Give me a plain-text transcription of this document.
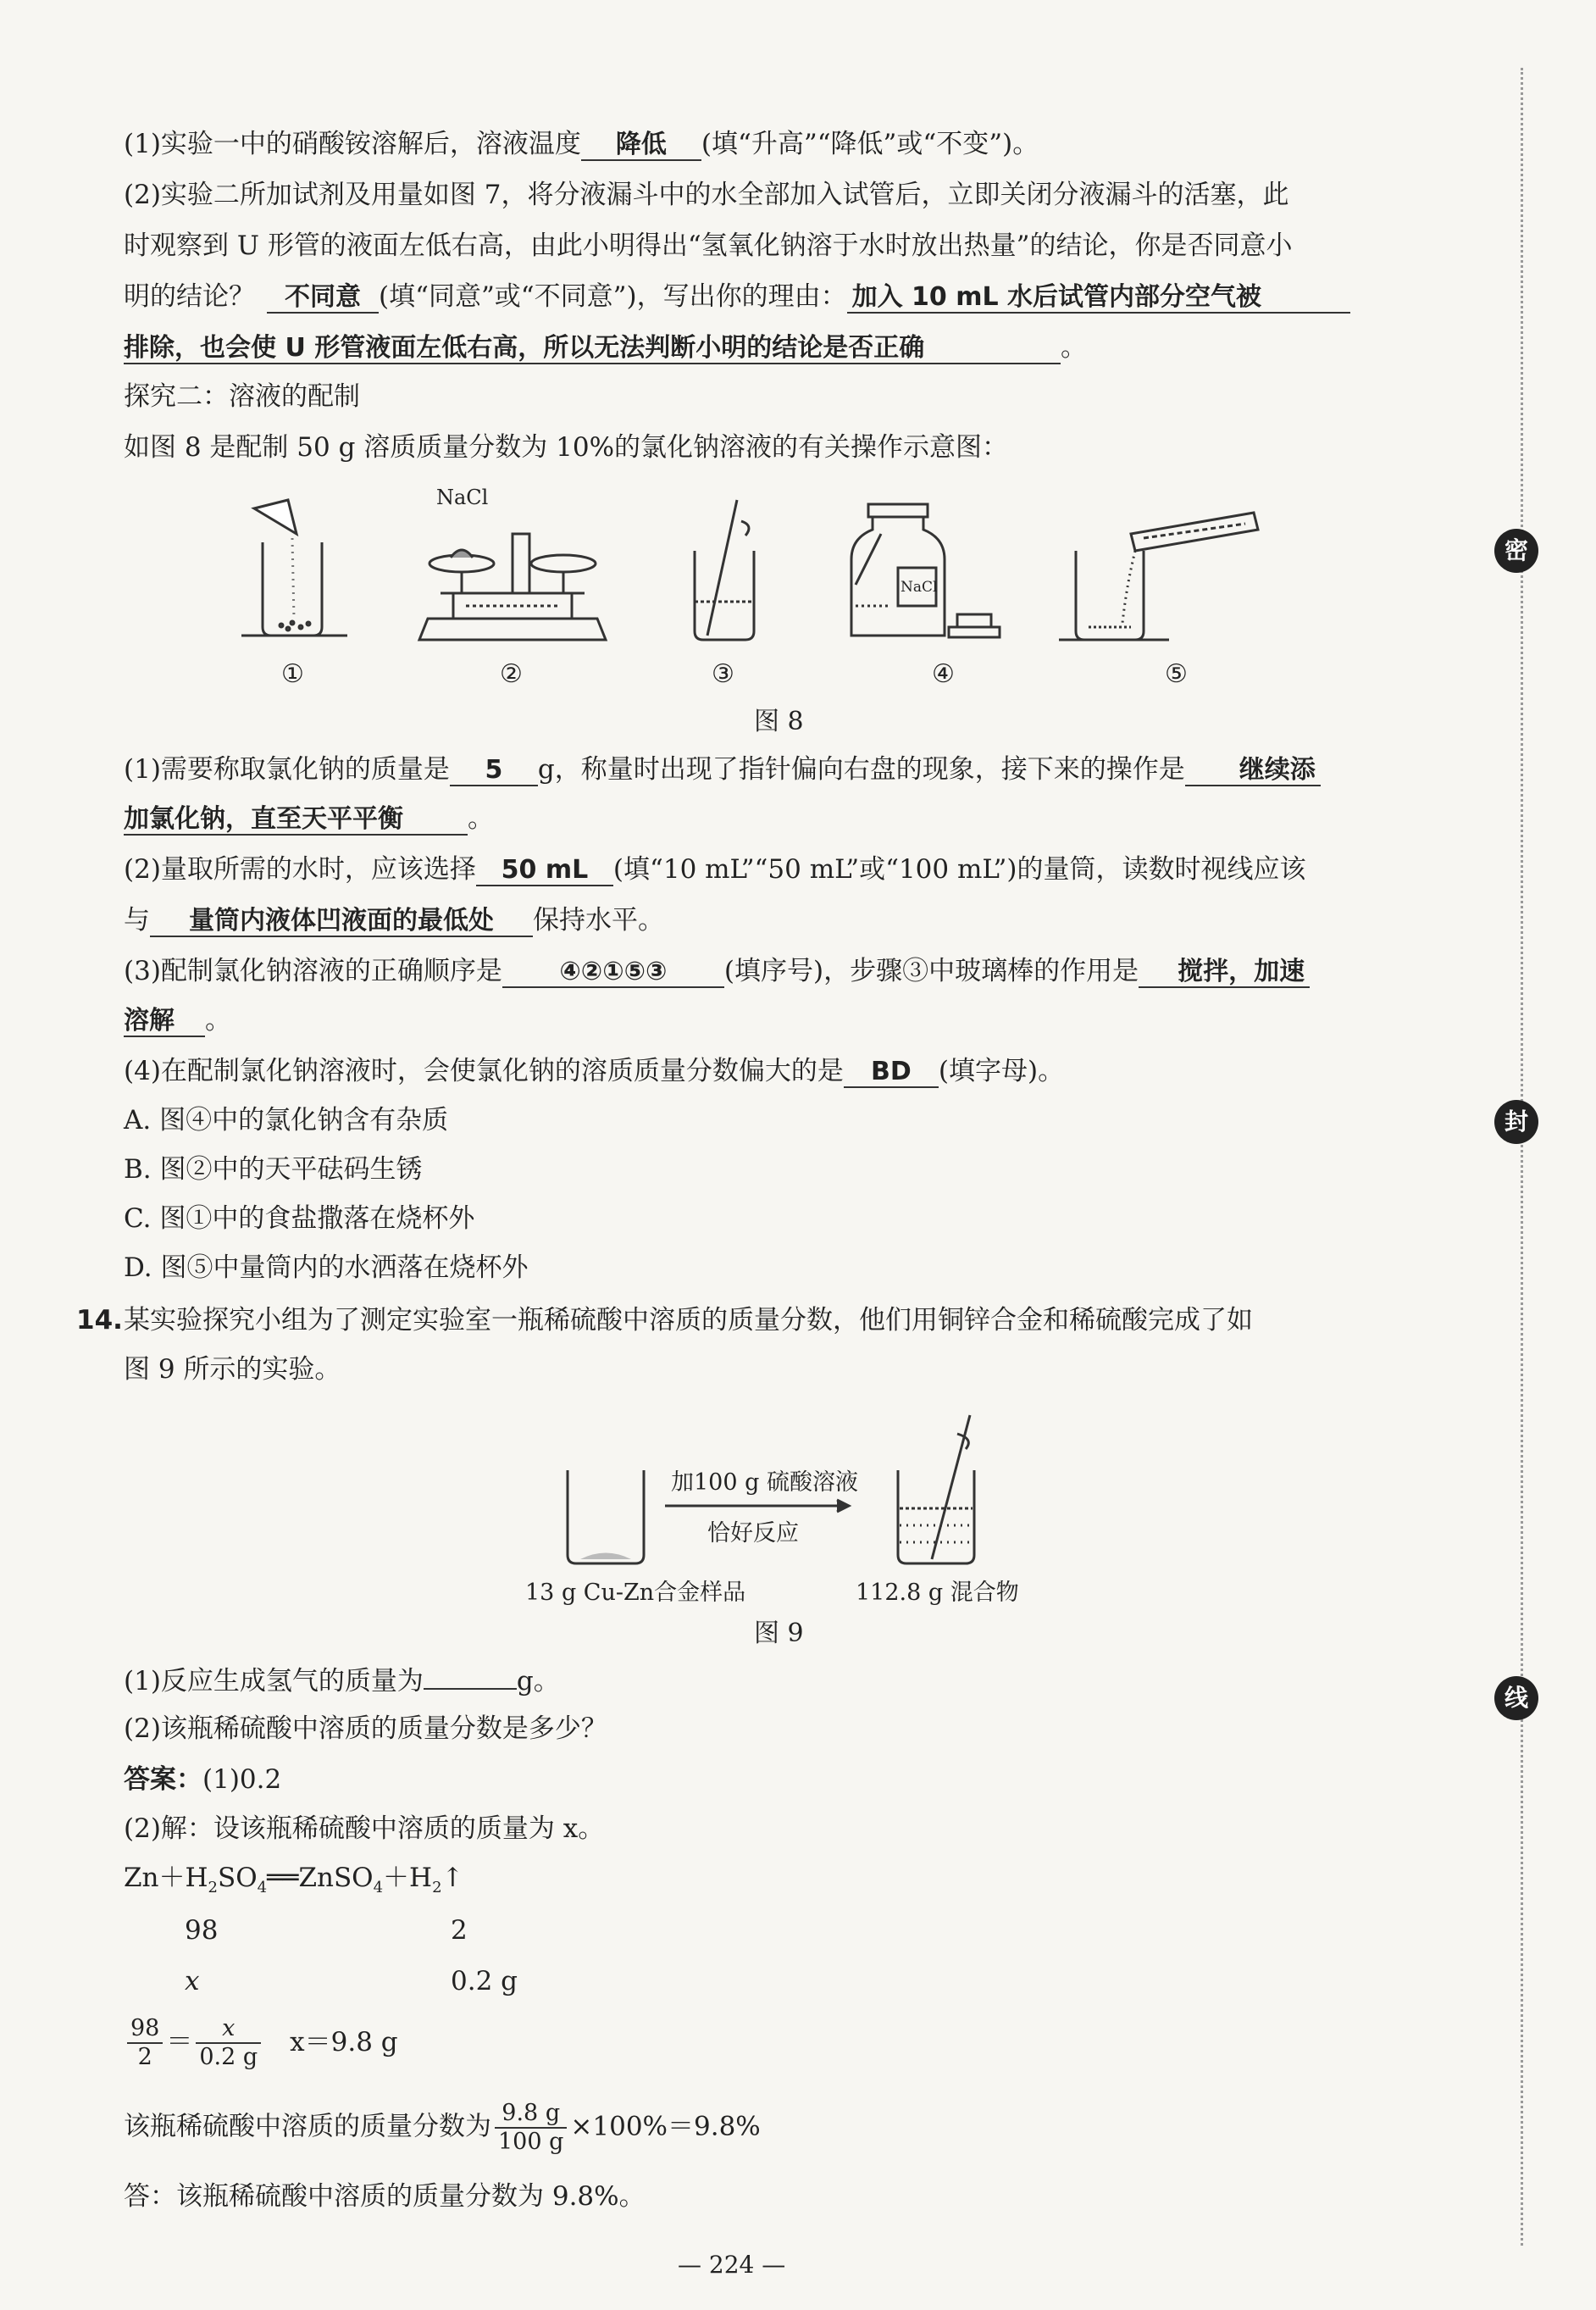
(1)实验一中的硝酸铵溶解后，溶液温度 降低 (填“升高”“降低”或“不变”)。
(2)实验二所加试剂及用量如图 7，将分液漏斗中的水全部加入试管后，立即关闭分液漏斗的活塞，此
时观察到 U 形管的液面左低右高，由此小明得出“氢氧化钠溶于水时放出热量”的结论，你是否同意小
明的结论？ 不同意 (填“同意”或“不同意”)，写出你的理由： 加入 10 mL 水后试管内部分空气被
排除，也会使 U 形管液面左低右高，所以无法判断小明的结论是否正确	。
探究二：溶液的配制
如图 8 是配制 50 g 溶质质量分数为 10%的氯化钠溶液的有关操作示意图：
NaCl
NaCl
①	②	③	④	⑤
图 8
(1)需要称取氯化钠的质量是 5 g，称量时出现了指针偏向右盘的现象，接下来的操作是 继续添
加氯化钠，直至天平平衡 。
(2)量取所需的水时，应该选择 50 mL (填“10 mL”“50 mL”或“100 mL”)的量筒，读数时视线应该
与 量筒内液体凹液面的最低处 保持水平。
(3)配制氯化钠溶液的正确顺序是 ④②①⑤③ (填序号)，步骤③中玻璃棒的作用是 搅拌，加速
溶解 。
(4)在配制氯化钠溶液时，会使氯化钠的溶质质量分数偏大的是 BD (填字母)。
A. 图④中的氯化钠含有杂质
B. 图②中的天平砝码生锈
C. 图①中的食盐撒落在烧杯外
D. 图⑤中量筒内的水洒落在烧杯外
14. 某实验探究小组为了测定实验室一瓶稀硫酸中溶质的质量分数，他们用铜锌合金和稀硫酸完成了如
图 9 所示的实验。
加100 g 硫酸溶液
恰好反应
13 g Cu-Zn合金样品	112.8 g 混合物
图 9
(1)反应生成氢气的质量为	g。
(2)该瓶稀硫酸中溶质的质量分数是多少？
答案：(1)0.2
(2)解：设该瓶稀硫酸中溶质的质量为 x。
$Zn+H_2SO_4══ZnSO_4+H_2↑$
98	2
x	0.2 g
$\frac{98}{2} = \frac{x}{0.2 g} x=9.8$ g
该瓶稀硫酸中溶质的质量分数为 $\frac{9.8 g}{100 g} \times 100\%=9.8\%$
答：该瓶稀硫酸中溶质的质量分数为 9.8%。
— 224 —
密
封
线
